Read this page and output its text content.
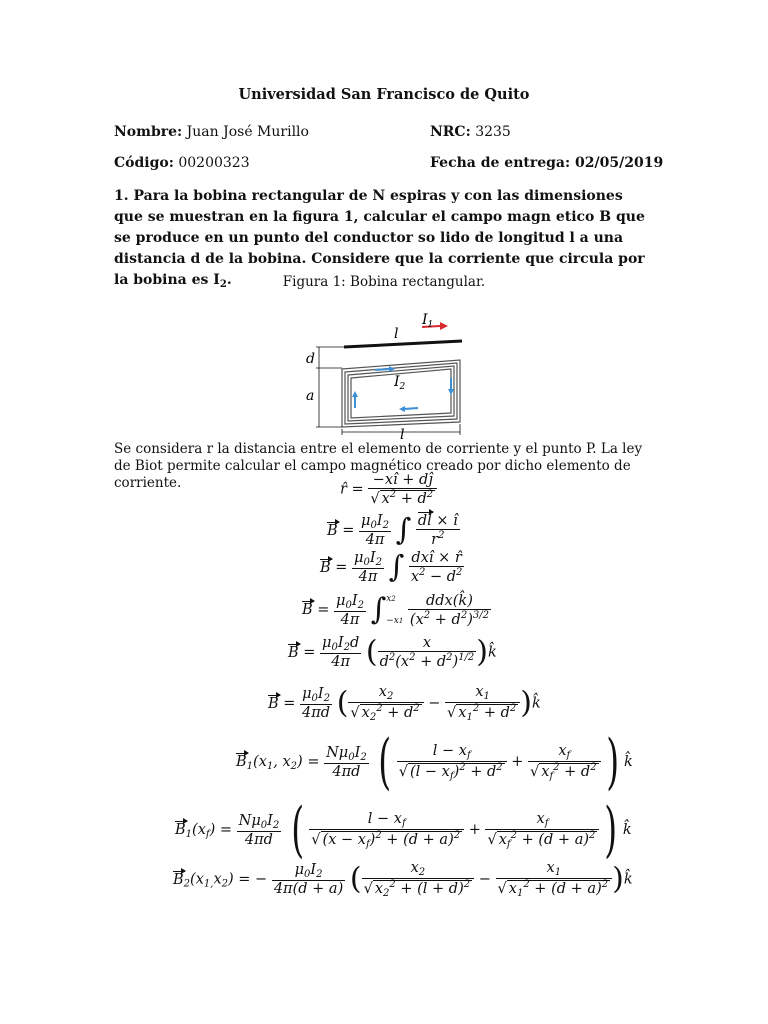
Universidad San Francisco de Quito
Nombre: Juan José Murillo	NRC: 3235
Código: 00200323	Fecha de entrega: 02/05/2019
1. Para la bobina rectangular de N espiras y con las dimensiones que se muestran en la figura 1, calcular el campo magn etico B que se produce en un punto del conductor so lido de longitud l a una distancia d de la bobina. Considere que la corriente que circula por la bobina es $I_2$.	Figura 1: Bobina rectangular.
l
$I_1$
d
$I_2$
a
l
Se considera r la distancia entre el elemento de corriente y el punto P. La ley de Biot permite calcular el campo magnético creado por dicho elemento de corriente.	r̂ = $\frac{-xî + dĵ}{√ x^2 + d^2}$
$B = \frac{\mu_0I_2}{4\pi}$ ∫ $\frac{dl \times î}{r^2}$
$B = \frac{\mu_0I_2}{4\pi}$ ∫ $\frac{\text{dxî × r̂}}{x^2 - d^2}$
$B = \frac{\mu_0I_2}{4\pi}$ ∫ x2
−x1
$\frac{\text{ddx(k̂)}}{(x^2 + d^2)^{3/2}}$
$B = \frac{\mu_0I_2d}{4\pi}$ ( $\frac{x}{d^2(x^2 + d^2)^{1/2}}$ )k̂
$B = \frac{\mu_0I_2}{4\pi d}$ ( $\frac{x_2}{√ x_2^2 + d^2} - \frac{x_1}{√ x_1^2 + d^2}$ )k̂
$B_1(x_1$, $x_2) = \frac{N\mu_0I_2}{4\pi d}$ ( $\frac{l - x_f}{√ (l - x_f)^2 + d^2} + \frac{x_f}{√ x_f^2 + d^2}$ ) k̂
$B_1(x_f) = \frac{N\mu_0I_2}{4\pi d}$ ( $\frac{l - x_f}{√ (x - x_f)^2 + (d + a)^2} + \frac{x_f}{√ x_f^2 + (d + a)^2}$ ) k̂
$B_2(x_{1,}x_2)$ = − $\frac{\mu_0I_2}{4\pi(d + a)}$ ( $\frac{x_2}{√ x_2^2 + (l + d)^2} - \frac{x_1}{√ x_1^2 + (d + a)^2}$ )k̂
